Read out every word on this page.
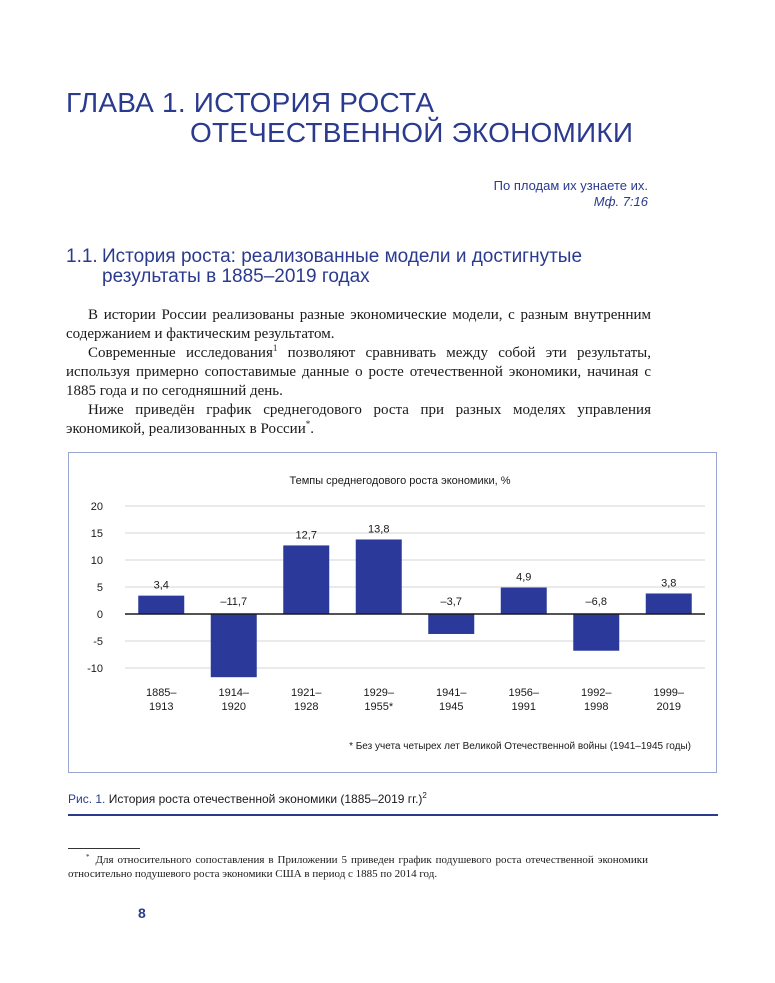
ГЛАВА 1. ИСТОРИЯ РОСТА
ОТЕЧЕСТВЕННОЙ ЭКОНОМИКИ
По плодам их узнаете их.
Мф. 7:16
1.1. История роста: реализованные модели и достигнутые результаты в 1885–2019 годах

В истории России реализованы разные экономические модели, с разным внутренним содержанием и фактическим результатом.

Современные исследования$^1$ позволяют сравнивать между собой эти результаты, используя примерно сопоставимые данные о росте отечественной экономики, начиная с 1885 года и по сегодняшний день.

Ниже приведён график среднегодового роста при разных моделях управления экономикой, реализованных в России*.

Темпы среднегодового роста экономики, %
20
15
10
5
0
-5
-10
3,4
1885–
1913
–11,7
1914–
1920
12,7
1921–
1928
13,8
1929–
1955*
–3,7
1941–
1945
4,9
1956–
1991
–6,8
1992–
1998
3,8
1999–
2019
* Без учета четырех лет Великой Отечественной войны (1941–1945 годы)
Рис. 1. История роста отечественной экономики (1885–2019 гг.)$^2$
* Для относительного сопоставления в Приложении 5 приведен график подушевого роста отечественной экономики относительно подушевого роста экономики США в период с 1885 по 2014 год.
8
